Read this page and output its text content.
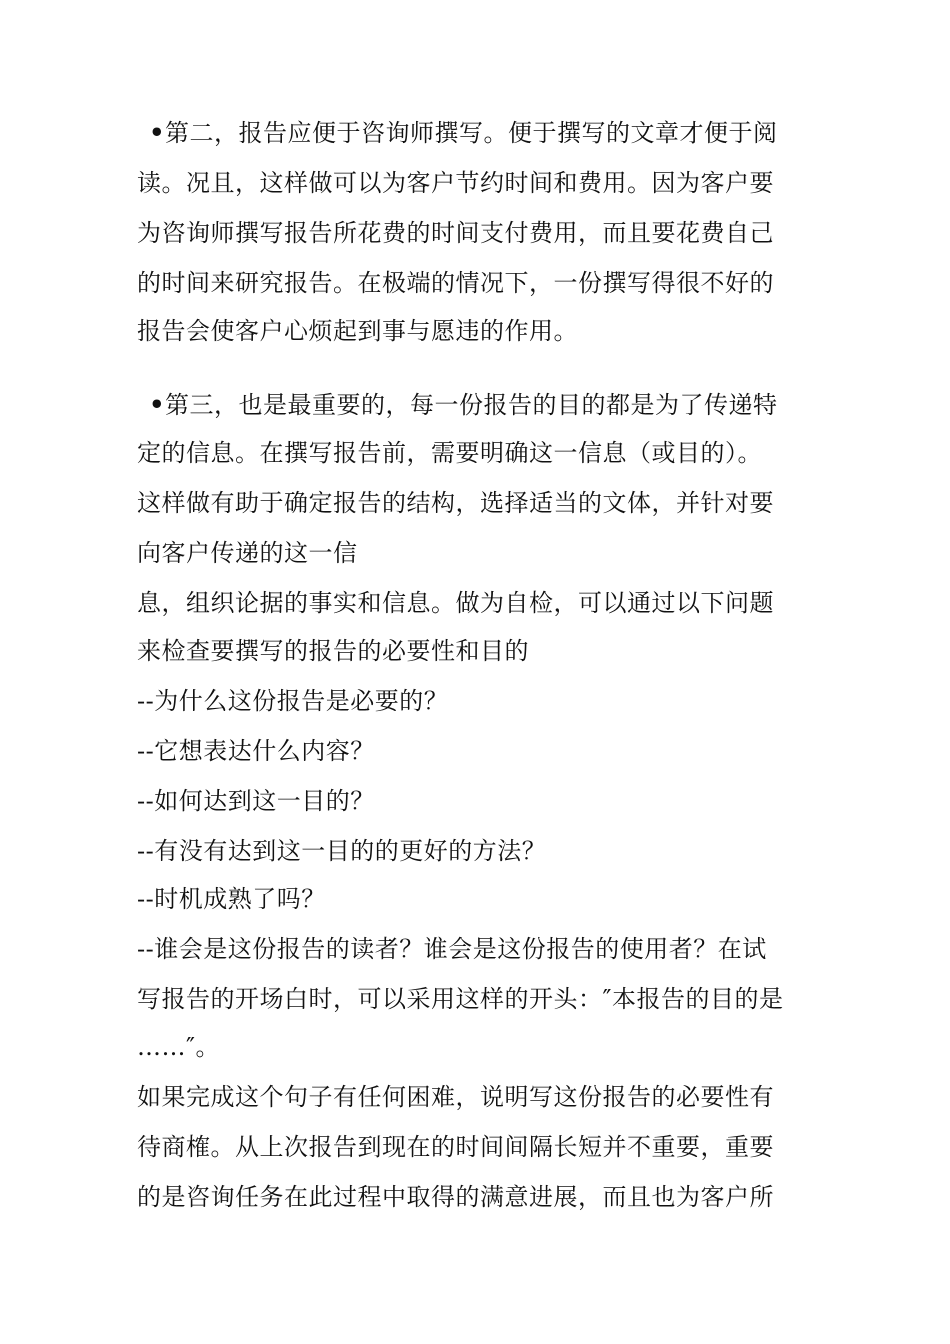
•第二，报告应便于咨询师撰写。便于撰写的文章才便于阅
读。况且，这样做可以为客户节约时间和费用。因为客户要
为咨询师撰写报告所花费的时间支付费用，而且要花费自己
的时间来研究报告。在极端的情况下，一份撰写得很不好的
报告会使客户心烦起到事与愿违的作用。
•第三，也是最重要的，每一份报告的目的都是为了传递特
定的信息。在撰写报告前，需要明确这一信息（或目的）。
这样做有助于确定报告的结构，选择适当的文体，并针对要
向客户传递的这一信
息，组织论据的事实和信息。做为自检，可以通过以下问题
来检查要撰写的报告的必要性和目的
--为什么这份报告是必要的？
--它想表达什么内容？
--如何达到这一目的？
--有没有达到这一目的的更好的方法？
--时机成熟了吗？
--谁会是这份报告的读者？谁会是这份报告的使用者？在试
写报告的开场白时，可以采用这样的开头：″本报告的目的是
……″。
如果完成这个句子有任何困难，说明写这份报告的必要性有
待商榷。从上次报告到现在的时间间隔长短并不重要，重要
的是咨询任务在此过程中取得的满意进展，而且也为客户所
